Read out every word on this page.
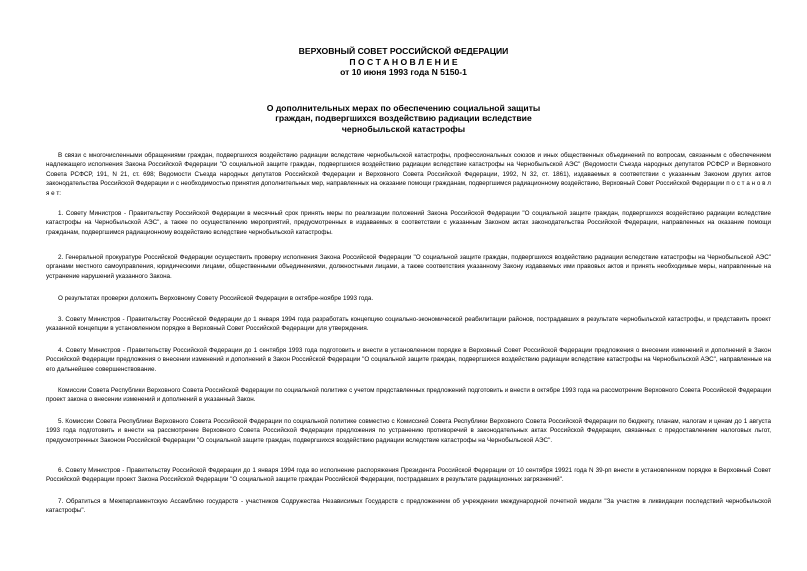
ВЕРХОВНЫЙ СОВЕТ РОССИЙСКОЙ ФЕДЕРАЦИИ
П О С Т А Н О В Л Е Н И Е
от 10 июня 1993 года N 5150-1
О дополнительных мерах по обеспечению социальной защиты
граждан, подвергшихся воздействию радиации вследствие
чернобыльской катастрофы

В связи с многочисленными обращениями граждан, подвергшихся воздействию радиации вследствие чернобыльской катастрофы, профессиональных союзов и иных общественных объединений по вопросам, связанным с обеспечением надлежащего исполнения Закона Российской Федерации "О социальной защите граждан, подвергшихся воздействию радиации вследствие катастрофы на Чернобыльской АЭС" (Ведомости Съезда народных депутатов РСФСР и Верховного Совета РСФСР, 191, N 21, ст. 698; Ведомости Съезда народных депутатов Российской Федерации и Верховного Совета Российской Федерации, 1992, N 32, ст. 1861), издаваемых в соответствии с указанным Законом других актов законодательства Российской Федерации и с необходимостью принятия дополнительных мер, направленных на оказание помощи гражданам, подвергшимся радиационному воздействию, Верховный Совет Российской Федерации п о с т а н о в л я е т:

1. Совету Министров - Правительству Российской Федерации в месячный срок принять меры по реализации положений Закона Российской Федерации "О социальной защите граждан, подвергшихся воздействию радиации вследствие катастрофы на Чернобыльской АЭС", а также по осуществлению мероприятий, предусмотренных в издаваемых в соответствии с указанным Законом актах законодательства Российской Федерации, направленных на оказание помощи гражданам, подвергшимся радиационному воздействию вследствие чернобыльской катастрофы.

2. Генеральной прокуратуре Российской Федерации осуществить проверку исполнения Закона Российской Федерации "О социальной защите граждан, подвергшихся воздействию радиации вследствие катастрофы на Чернобыльской АЭС" органами местного самоуправления, юридическими лицами, общественными объединениями, должностными лицами, а также соответствия указанному Закону издаваемых ими правовых актов и принять необходимые меры, направленные на устранение нарушений указанного Закона.

О результатах проверки доложить Верховному Совету Российской Федерации в октябре-ноябре 1993 года.

3. Совету Министров - Правительству Российской Федерации до 1 января 1994 года разработать концепцию социально-экономической реабилитации районов, пострадавших в результате чернобыльской катастрофы, и представить проект указанной концепции в установленном порядке в Верховный Совет Российской Федерации для утверждения.

4. Совету Министров - Правительству Российской Федерации до 1 сентября 1993 года подготовить и внести в установленном порядке в Верховный Совет Российской Федерации предложения о внесении изменений и дополнений в Закон Российской Федерации предложения о внесении изменений и дополнений в Закон Российской Федерации "О социальной защите граждан, подвергшихся воздействию радиации вследствие катастрофы на Чернобыльской АЭС", направленные на его дальнейшее совершенствование.

Комиссии Совета Республики Верховного Совета Российской Федерации по социальной политике с учетом представленных предложений подготовить и внести в октябре 1993 года на рассмотрение Верховного Совета Российской Федерации проект закона о внесении изменений и дополнений в указанный Закон.

5. Комиссии Совета Республики Верховного Совета Российской Федерации по социальной политике совместно с Комиссией Совета Республики Верховного Совета Российской Федерации по бюджету, планам, налогам и ценам до 1 августа 1993 года подготовить и внести на рассмотрение Верховного Совета Российской Федерации предложения по устранению противоречий в законодательных актах Российской Федерации, связанных с предоставлением налоговых льгот, предусмотренных Законом Российской Федерации "О социальной защите граждан, подвергшихся воздействию радиации вследствие катастрофы на Чернобыльской АЭС".

6. Совету Министров - Правительству Российской Федерации до 1 января 1994 года во исполнение распоряжения Президента Российской Федерации от 10 сентября 19921 года N 39-рп внести в установленном порядке в Верховный Совет Российской Федерации проект Закона Российской Федерации "О социальной защите граждан Российской Федерации, пострадавших в результате радиационных загрязнений".

7. Обратиться в Межпарламентскую Ассамблею государств - участников Содружества Независимых Государств с предложением об учреждении международной почетной медали "За участие в ликвидации последствий чернобыльской катастрофы".
